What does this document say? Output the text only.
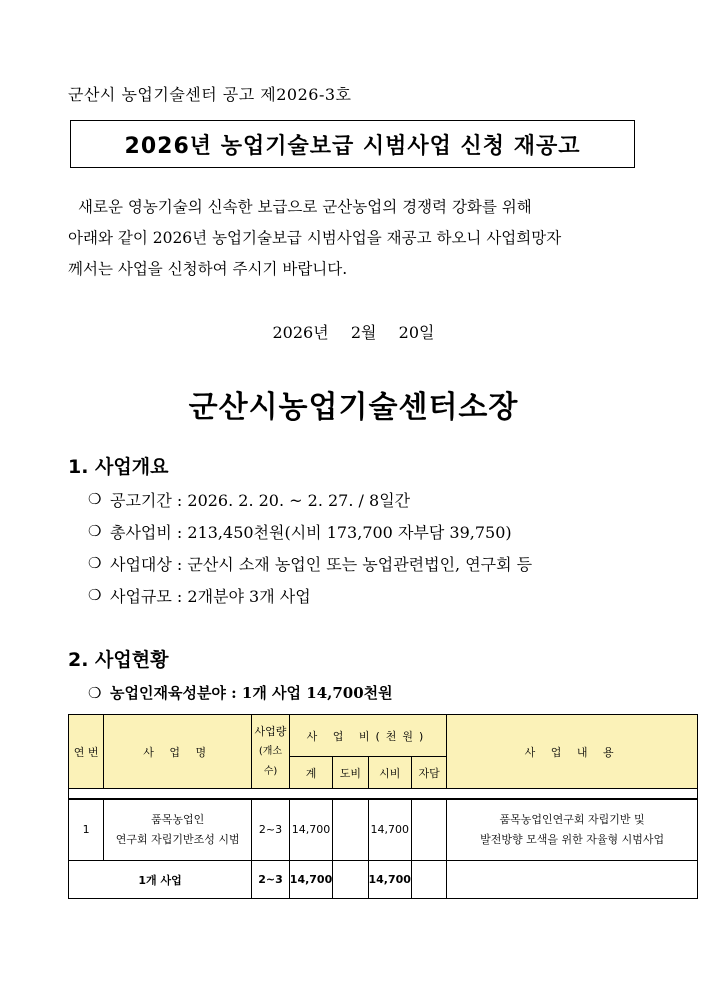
군산시 농업기술센터 공고 제2026-3호
2026년 농업기술보급 시범사업 신청 재공고
새로운 영농기술의 신속한 보급으로 군산농업의 경쟁력 강화를 위해
아래와 같이 2026년 농업기술보급 시범사업을 재공고 하오니 사업희망자
께서는 사업을 신청하여 주시기 바랍니다.
2026년  2월  20일
군산시농업기술센터소장
1. 사업개요
❍ 공고기간 : 2026. 2. 20. ~ 2. 27. / 8일간
❍ 총사업비 : 213,450천원(시비 173,700 자부담 39,750)
❍ 사업대상 : 군산시 소재 농업인 또는 농업관련법인, 연구회 등
❍ 사업규모 : 2개분야 3개 사업
2. 사업현황
❍ 농업인재육성분야 : 1개 사업 14,700천원
연 번	사 업 명	사업량
(개소수)	사 업 비(천원)				사 업 내 용
			계	도비	시비	자담	

1	품목농업인
연구회 자립기반조성 시범	2~3	14,700		14,700		품목농업인연구회 자립기반 및
발전방향 모색을 위한 자율형 시범사업

1개 사업		2~3	14,700		14,700		
